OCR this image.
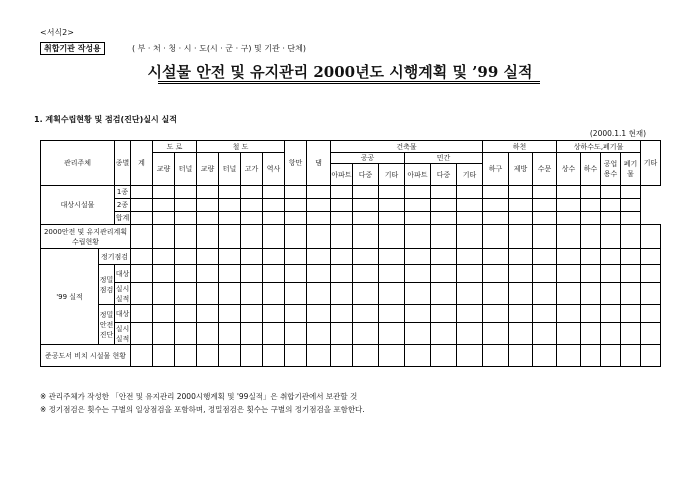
<서식2>
취합기관 작성용	( 부 · 처 · 청 · 시 · 도(시 · 군 · 구) 및 기관 · 단체)
시설물 안전 및 유지관리 2000년도 시행계획 및 ’99 실적
1. 계획수립현황 및 점검(진단)실시 실적
(2000.1.1 현재)
관리주체		종별	계	도 로		철 도				항만	댐	건축물						하천			상하수도,폐기물				기타
				교량	터널	교량	터널	고가	역사			공공			민간			하구	제방	수문	상수	하수	공업용수	폐기물	
												아파트	다중	기타	아파트	다중	기타								
대상시설물		1종																							
		2종																							
		합계																							
2000안전 및 유지관리계획 수립현황																									
'99 실적	정기점검																								
	정밀점검	대상																							
		실시실적																							
	정밀안전진단	대상																							
		실시실적																							
준공도서 비치 시설물 현황																									
※ 관리주체가 작성한 「안전 및 유지관리 2000시행계획 및 '99실적」은 취합기관에서 보관할 것
※ 정기점검은 횟수는 구별의 일상점검을 포함하며, 정밀점검은 횟수는 구별의 정기점검을 포함한다.
